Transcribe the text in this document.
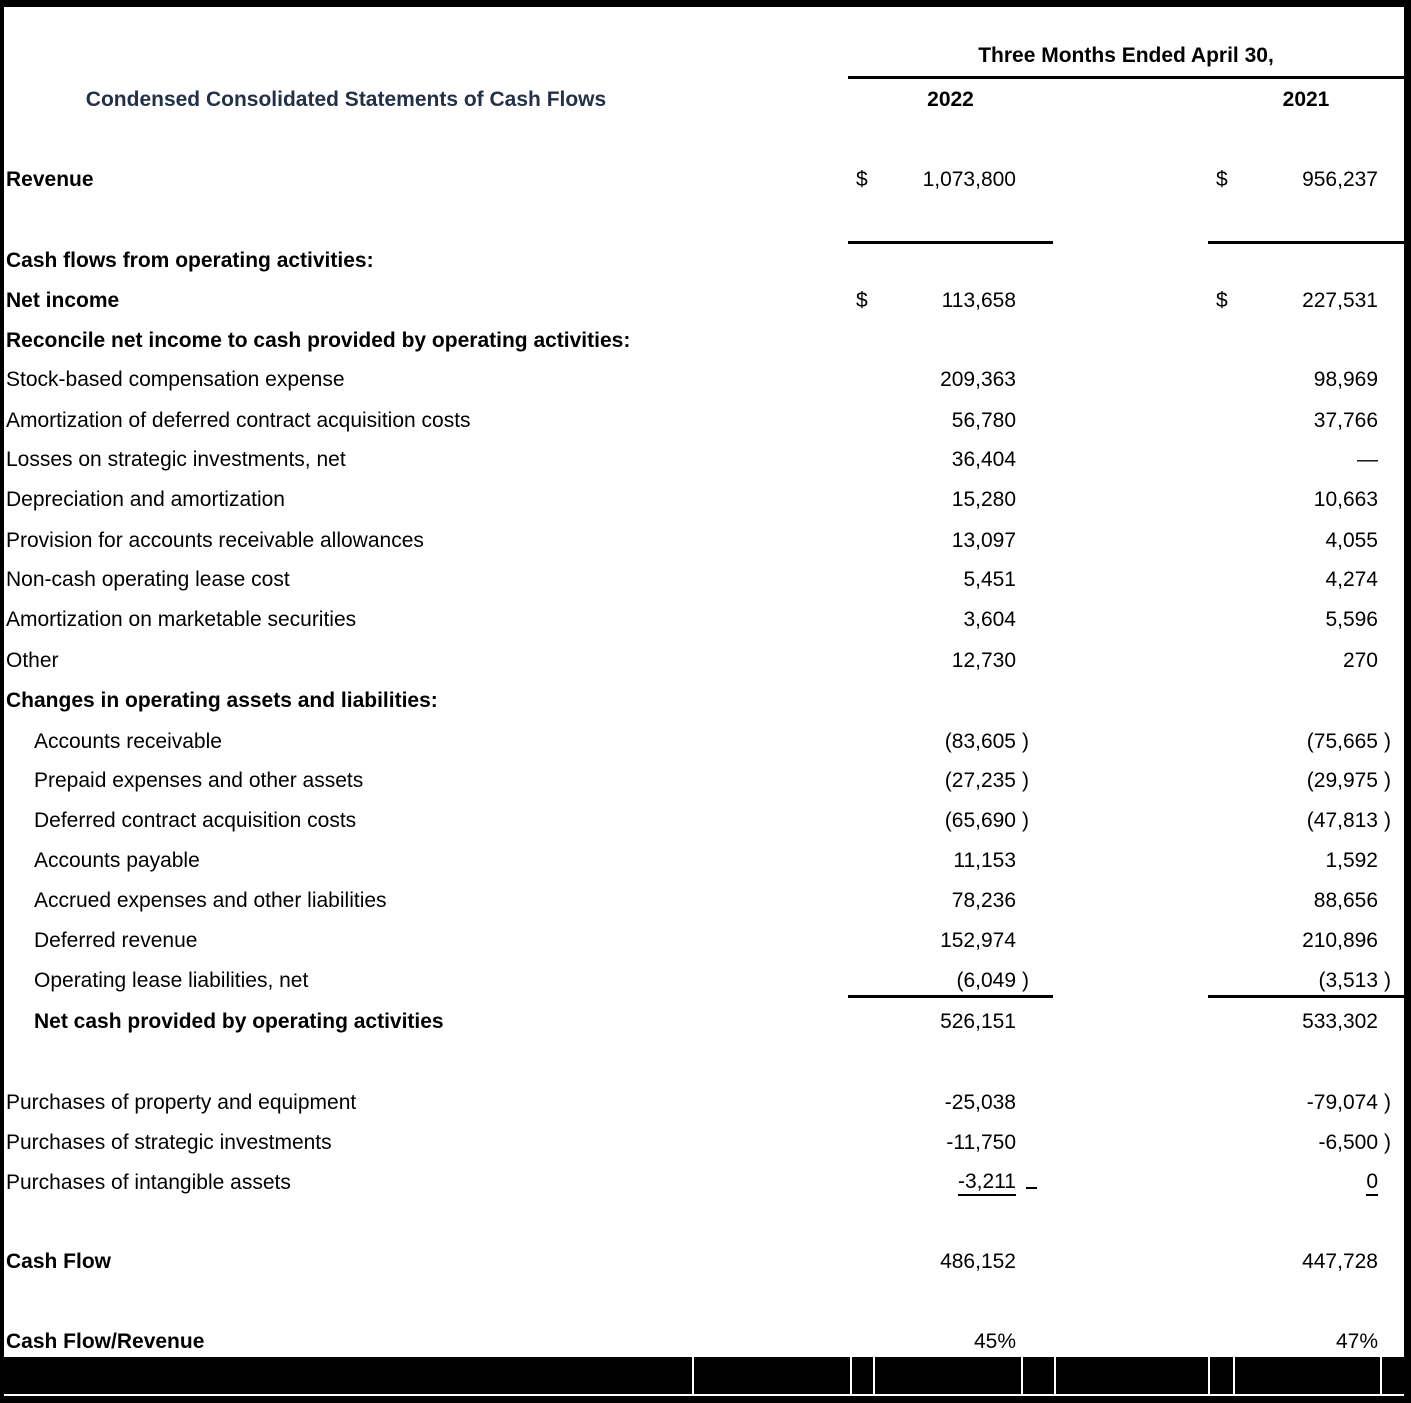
Three Months Ended April 30,
Condensed Consolidated Statements of Cash Flows	2022	2021
Revenue	$	1,073,800	$	956,237
Cash flows from operating activities:
Net income	$	113,658	$	227,531
Reconcile net income to cash provided by operating activities:
Stock-based compensation expense	209,363	98,969
Amortization of deferred contract acquisition costs	56,780	37,766
Losses on strategic investments, net	36,404	—
Depreciation and amortization	15,280	10,663
Provision for accounts receivable allowances	13,097	4,055
Non-cash operating lease cost	5,451	4,274
Amortization on marketable securities	3,604	5,596
Other	12,730	270
Changes in operating assets and liabilities:
Accounts receivable	(83,605 )	(75,665 )
Prepaid expenses and other assets	(27,235 )	(29,975 )
Deferred contract acquisition costs	(65,690 )	(47,813 )
Accounts payable	11,153	1,592
Accrued expenses and other liabilities	78,236	88,656
Deferred revenue	152,974	210,896
Operating lease liabilities, net	(6,049 )	(3,513 )
Net cash provided by operating activities	526,151	533,302
Purchases of property and equipment	-25,038	-79,074 )
Purchases of strategic investments	-11,750	-6,500 )
Purchases of intangible assets	-3,211	0
Cash Flow	486,152	447,728
Cash Flow/Revenue	45%	47%
